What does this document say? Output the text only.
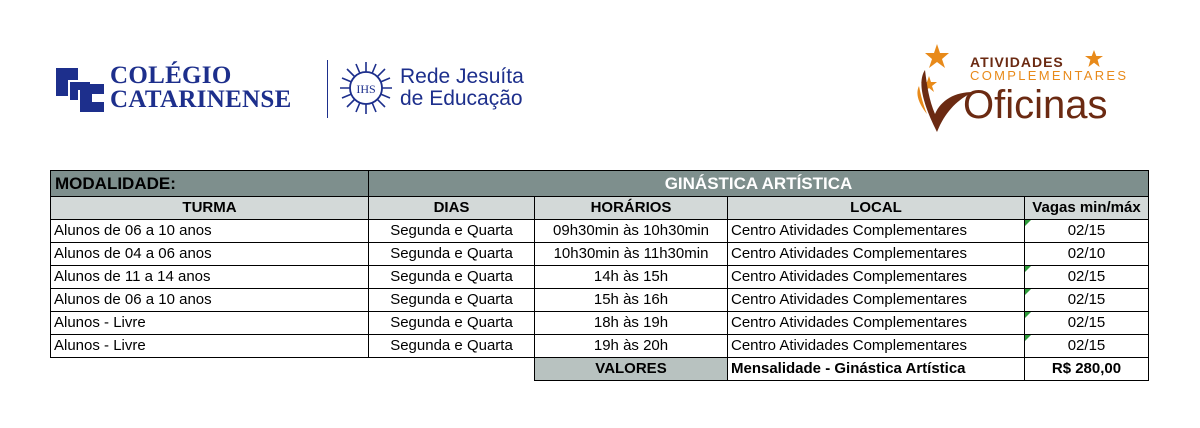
COLÉGIO
CATARINENSE	IHS
Rede Jesuíta
de Educação
ATIVIDADES
COMPLEMENTARES
Oficinas
MODALIDADE:	GINÁSTICA ARTÍSTICA			
TURMA	DIAS	HORÁRIOS	LOCAL	Vagas min/máx
Alunos de 06 a 10 anos	Segunda e Quarta	09h30min às 10h30min	Centro Atividades Complementares	02/15
Alunos de 04 a 06 anos	Segunda e Quarta	10h30min às 11h30min	Centro Atividades Complementares	02/10
Alunos de 11 a 14 anos	Segunda e Quarta	14h às 15h	Centro Atividades Complementares	02/15
Alunos de 06 a 10 anos	Segunda e Quarta	15h às 16h	Centro Atividades Complementares	02/15
Alunos - Livre	Segunda e Quarta	18h às 19h	Centro Atividades Complementares	02/15
Alunos - Livre	Segunda e Quarta	19h às 20h	Centro Atividades Complementares	02/15
		VALORES	Mensalidade - Ginástica Artística	R$ 280,00
